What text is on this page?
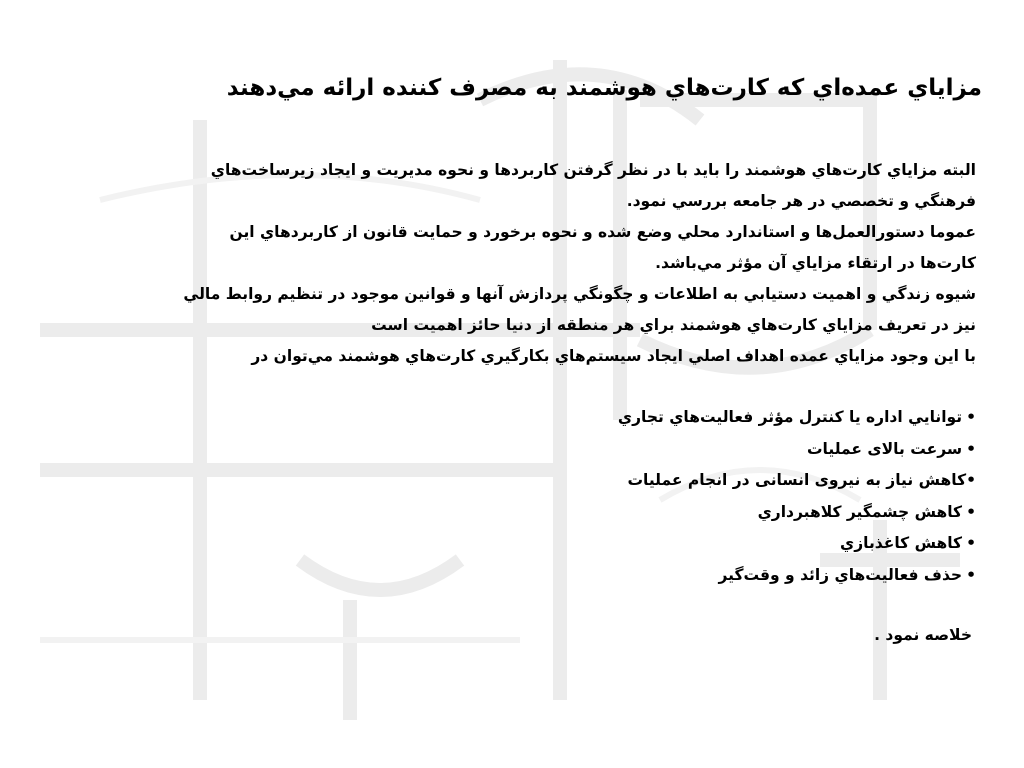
مزاياي عمده‌اي كه كارت‌هاي هوشمند به مصرف كننده ارائه مي‌دهند
البته مزاياي كارت‌هاي هوشمند را بايد با در نظر گرفتن كاربردها و نحوه مديريت و ايجاد زيرساخت‌هاي
فرهنگي و تخصصي در هر جامعه بررسي نمود.
عموما دستورالعمل‌ها و استاندارد محلي وضع شده و نحوه برخورد و حمايت قانون از كاربردهاي اين
كارت‌ها در ارتقاء مزاياي آن مؤثر مي‌باشد.
شيوه زندگي و اهميت دستيابي به اطلاعات و چگونگي پردازش آنها و قوانين موجود در تنظيم روابط مالي
نيز در تعريف مزاياي كارت‌هاي هوشمند براي هر منطقه از دنيا حائز اهميت است
با اين وجود مزاياي عمده اهداف اصلي ايجاد سيستم‌هاي بكارگيري كارت‌هاي هوشمند مي‌توان در
•توانايي اداره يا كنترل مؤثر فعاليت‌هاي تجاري
•سرعت بالای عملیات
•كاهش نیاز به نیروی انسانی در انجام عملیات
•كاهش چشمگير كلاهبرداري
•كاهش كاغذبازي
•حذف فعاليت‌هاي زائد و وقت‌گير
خلاصه نمود .
